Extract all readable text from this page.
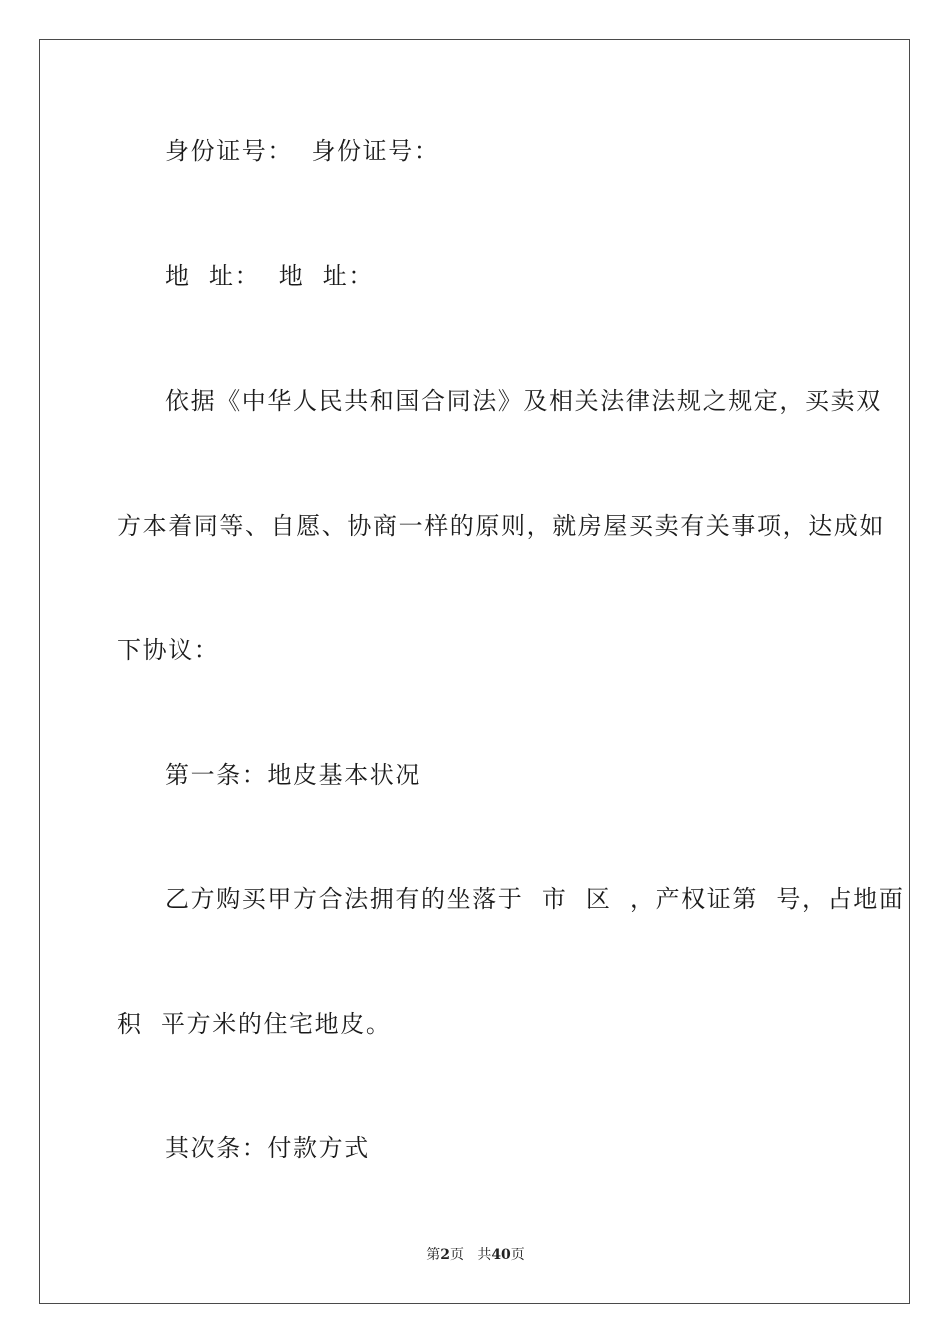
身份证号：  身份证号：
地  址：  地  址：
依据《中华人民共和国合同法》及相关法律法规之规定，买卖双
方本着同等、自愿、协商一样的原则，就房屋买卖有关事项，达成如
下协议：
第一条：地皮基本状况
乙方购买甲方合法拥有的坐落于  市  区  ，产权证第  号，占地面
积  平方米的住宅地皮。
其次条：付款方式
第2页 共40页
